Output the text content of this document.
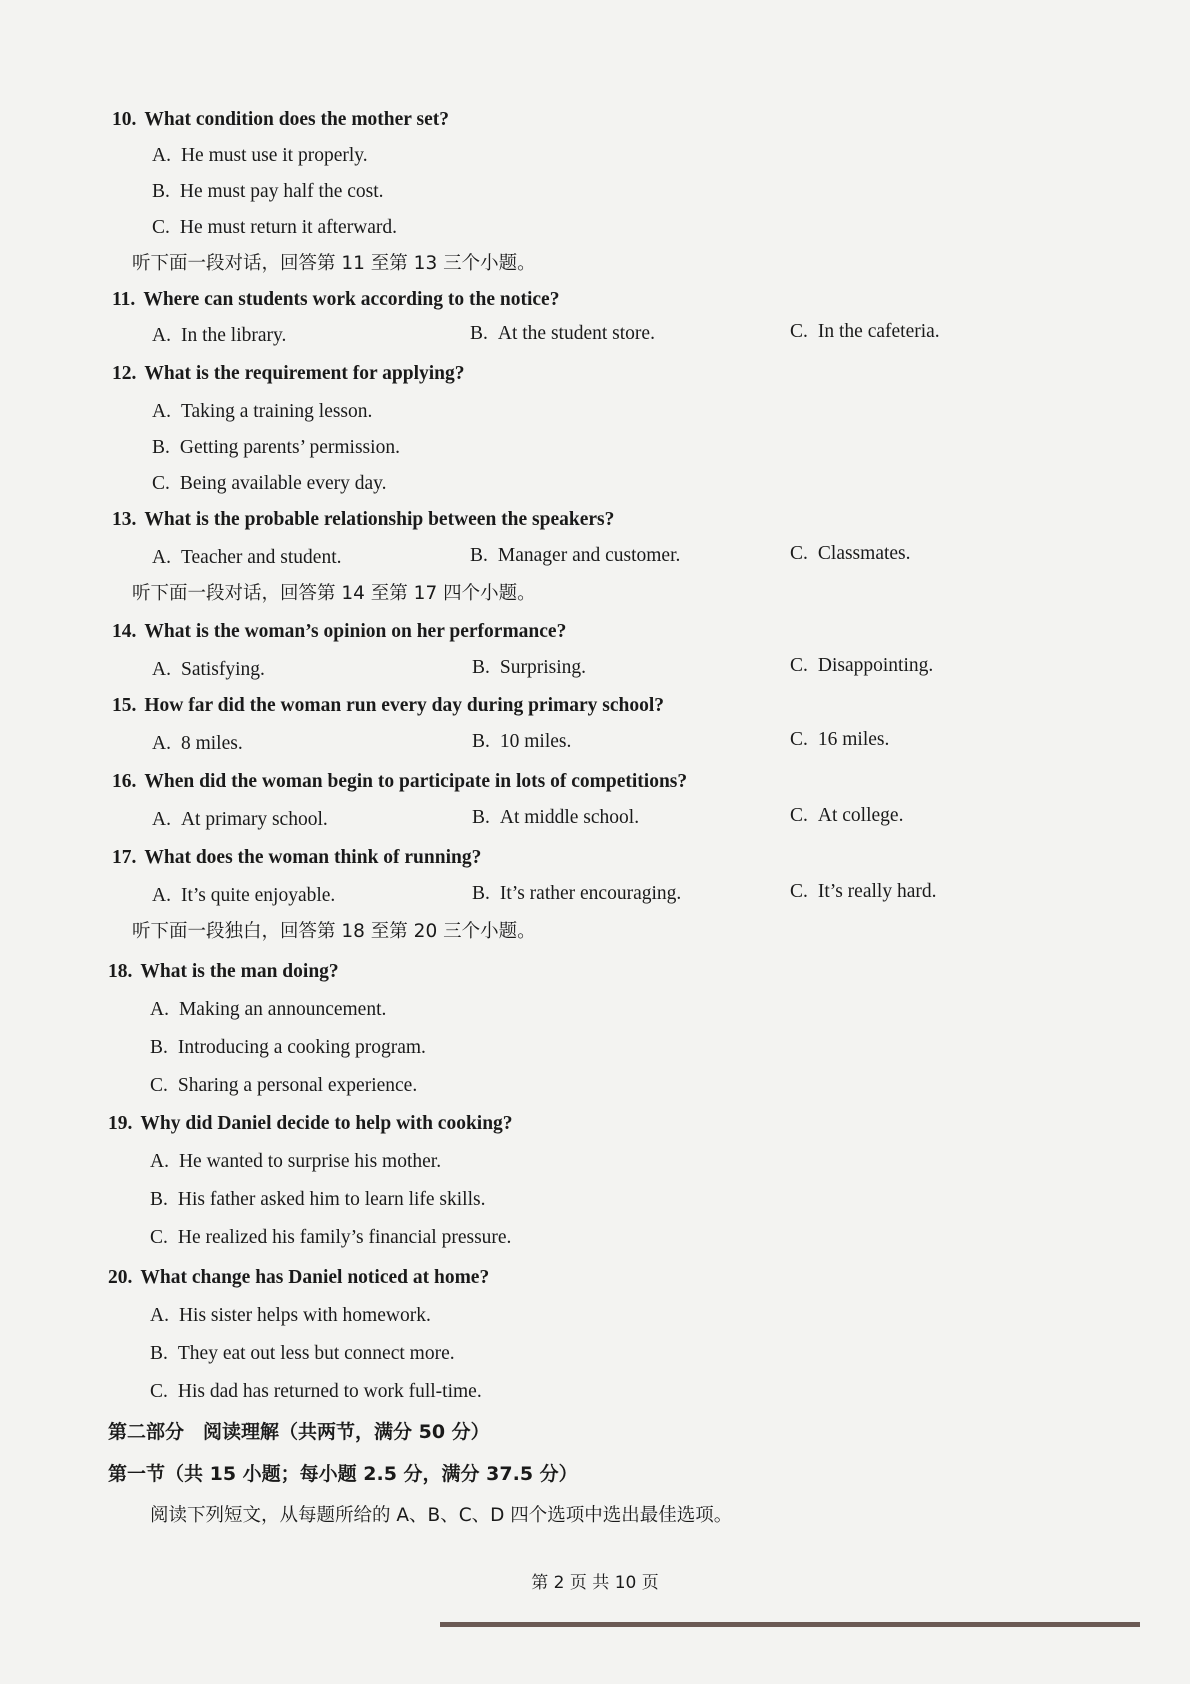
10. What condition does the mother set?
A. He must use it properly.
B. He must pay half the cost.
C. He must return it afterward.
听下面一段对话，回答第 11 至第 13 三个小题。
11. Where can students work according to the notice?
A. In the library.	B. At the student store.	C. In the cafeteria.
12. What is the requirement for applying?
A. Taking a training lesson.
B. Getting parents’ permission.
C. Being available every day.
13. What is the probable relationship between the speakers?
A. Teacher and student.	B. Manager and customer.	C. Classmates.
听下面一段对话，回答第 14 至第 17 四个小题。
14. What is the woman’s opinion on her performance?
A. Satisfying.	B. Surprising.	C. Disappointing.
15. How far did the woman run every day during primary school?
A. 8 miles.	B. 10 miles.	C. 16 miles.
16. When did the woman begin to participate in lots of competitions?
A. At primary school.	B. At middle school.	C. At college.
17. What does the woman think of running?
A. It’s quite enjoyable.	B. It’s rather encouraging.	C. It’s really hard.
听下面一段独白，回答第 18 至第 20 三个小题。
18. What is the man doing?
A. Making an announcement.
B. Introducing a cooking program.
C. Sharing a personal experience.
19. Why did Daniel decide to help with cooking?
A. He wanted to surprise his mother.
B. His father asked him to learn life skills.
C. He realized his family’s financial pressure.
20. What change has Daniel noticed at home?
A. His sister helps with homework.
B. They eat out less but connect more.
C. His dad has returned to work full-time.
第二部分　阅读理解（共两节，满分 50 分）
第一节（共 15 小题；每小题 2.5 分，满分 37.5 分）
阅读下列短文，从每题所给的 A、B、C、D 四个选项中选出最佳选项。
第 2 页 共 10 页
